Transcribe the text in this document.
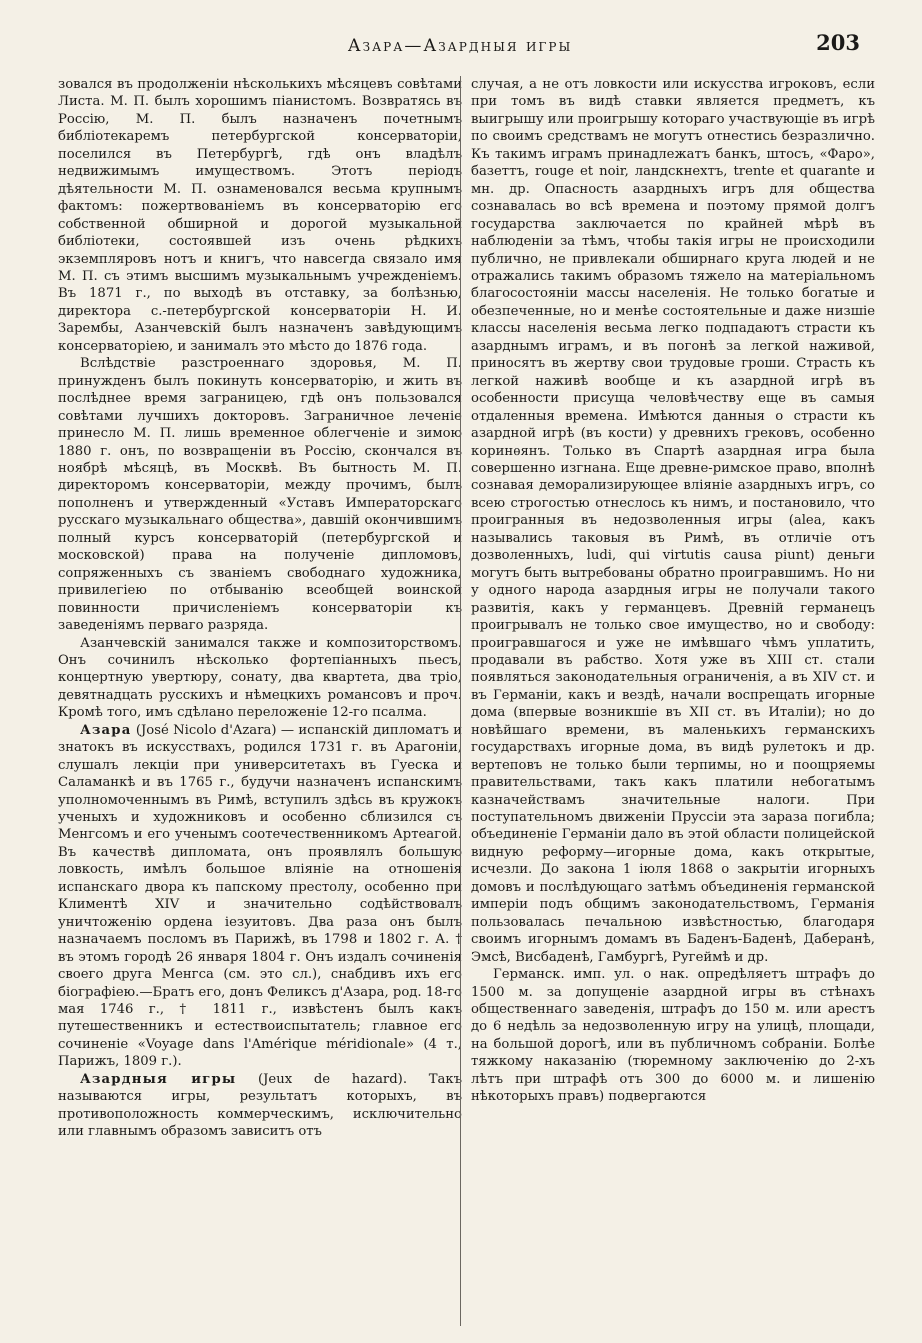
Азара—Азардныя игры	203

зовался въ продолженіи нѣсколькихъ мѣсяцевъ совѣтами Листа. М. П. былъ хорошимъ піанистомъ. Возвратясь въ Россію, М. П. былъ назначенъ почетнымъ библіотекаремъ петербургской консерваторіи, поселился въ Петербургѣ, гдѣ онъ владѣлъ недвижимымъ имуществомъ. Этотъ періодъ дѣятельности М. П. ознаменовался весьма крупнымъ фактомъ: пожертвованіемъ въ консерваторію его собственной обширной и дорогой музыкальной библіотеки, состоявшей изъ очень рѣдкихъ экземпляровъ нотъ и книгъ, что навсегда связало имя М. П. съ этимъ высшимъ музыкальнымъ учрежденіемъ. Въ 1871 г., по выходѣ въ отставку, за болѣзнью, директора с.-петербургской консерваторіи Н. И. Зарембы, Азанчевскій былъ назначенъ завѣдующимъ консерваторіею, и занималъ это мѣсто до 1876 года.

Вслѣдствіе разстроеннаго здоровья, М. П. принужденъ былъ покинуть консерваторію, и жить въ послѣднее время заграницею, гдѣ онъ пользовался совѣтами лучшихъ докторовъ. Заграничное леченіе принесло М. П. лишь временное облегченіе и зимою 1880 г. онъ, по возвращеніи въ Россію, скончался въ ноябрѣ мѣсяцѣ, въ Москвѣ. Въ бытность М. П. директоромъ консерваторіи, между прочимъ, былъ пополненъ и утвержденный «Уставъ Императорскаго русскаго музыкальнаго общества», давшій окончившимъ полный курсъ консерваторій (петербургской и московской) права на полученіе дипломовъ, сопряженныхъ съ званіемъ свободнаго художника, привилегіею по отбыванію всеобщей воинской повинности причисленіемъ консерваторіи къ заведеніямъ перваго разряда.

Азанчевскій занимался также и композиторствомъ. Онъ сочинилъ нѣсколько фортепіанныхъ пьесъ, концертную увертюру, сонату, два квартета, два тріо, девятнадцать русскихъ и нѣмецкихъ романсовъ и проч. Кромѣ того, имъ сдѣлано переложеніе 12-го псалма.

Азара (José Nicolo d'Azara) — испанскій дипломатъ и знатокъ въ искусствахъ, родился 1731 г. въ Арагоніи, слушалъ лекціи при университетахъ въ Гуеска и Саламанкѣ и въ 1765 г., будучи назначенъ испанскимъ уполномоченнымъ въ Римѣ, вступилъ здѣсь въ кружокъ ученыхъ и художниковъ и особенно сблизился съ Менгсомъ и его ученымъ соотечественникомъ Артеагой. Въ качествѣ дипломата, онъ проявлялъ большую ловкость, имѣлъ большое вліяніе на отношенія испанскаго двора къ папскому престолу, особенно при Климентѣ XIV и значительно содѣйствовалъ уничтоженію ордена іезуитовъ. Два раза онъ былъ назначаемъ посломъ въ Парижѣ, въ 1798 и 1802 г. А. † въ этомъ городѣ 26 января 1804 г. Онъ издалъ сочиненія своего друга Менгса (см. это сл.), снабдивъ ихъ его біографіею.—Братъ его, донъ Феликсъ д'Азара, род. 18-го мая 1746 г., † 1811 г., извѣстенъ былъ какъ путешественникъ и естествоиспытатель; главное его сочиненіе «Voyage dans l'Amérique méridionale» (4 т., Парижъ, 1809 г.).

Азардныя игры (Jeux de hazard). Такъ называются игры, результатъ которыхъ, въ противоположность коммерческимъ, исключительно или главнымъ образомъ зависитъ отъ

случая, а не отъ ловкости или искусства игроковъ, если при томъ въ видѣ ставки является предметъ, къ выигрышу или проигрышу котораго участвующіе въ игрѣ по своимъ средствамъ не могутъ отнестись безразлично. Къ такимъ играмъ принадлежатъ банкъ, штосъ, «Фаро», базеттъ, rouge et noir, ландскнехтъ, trente et quarante и мн. др. Опасность азардныхъ игръ для общества сознавалась во всѣ времена и поэтому прямой долгъ государства заключается по крайней мѣрѣ въ наблюденіи за тѣмъ, чтобы такія игры не происходили публично, не привлекали обширнаго круга людей и не отражались такимъ образомъ тяжело на матеріальномъ благосостояніи массы населенія. Не только богатые и обезпеченные, но и менѣе состоятельные и даже низшіе классы населенія весьма легко подпадаютъ страсти къ азарднымъ играмъ, и въ погонѣ за легкой наживой, приносятъ въ жертву свои трудовые гроши. Страсть къ легкой наживѣ вообще и къ азардной игрѣ въ особенности присуща человѣчеству еще въ самыя отдаленныя времена. Имѣются данныя о страсти къ азардной игрѣ (въ кости) у древнихъ грековъ, особенно коринѳянъ. Только въ Спартѣ азардная игра была совершенно изгнана. Еще древне-римское право, вполнѣ сознавая деморализирующее вліяніе азардныхъ игръ, со всею строгостью отнеслось къ нимъ, и постановило, что проигранныя въ недозволенныя игры (alea, какъ назывались таковыя въ Римѣ, въ отличіе отъ дозволенныхъ, ludi, qui virtutis causa piunt) деньги могутъ быть вытребованы обратно проигравшимъ. Но ни у одного народа азардныя игры не получали такого развитія, какъ у германцевъ. Древній германецъ проигрывалъ не только свое имущество, но и свободу: проигравшагося и уже не имѣвшаго чѣмъ уплатить, продавали въ рабство. Хотя уже въ XIII ст. стали появляться законодательныя ограниченія, а въ XIV ст. и въ Германіи, какъ и вездѣ, начали воспрещать игорные дома (впервые возникшіе въ XII ст. въ Италіи); но до новѣйшаго времени, въ маленькихъ германскихъ государствахъ игорные дома, въ видѣ рулетокъ и др. вертеповъ не только были терпимы, но и поощряемы правительствами, такъ какъ платили небогатымъ казначействамъ значительные налоги. При поступательномъ движеніи Пруссіи эта зараза погибла; объединеніе Германіи дало въ этой области полицейской видную реформу—игорные дома, какъ открытые, исчезли. До закона 1 іюля 1868 о закрытіи игорныхъ домовъ и послѣдующаго затѣмъ объединенія германской имперіи подъ общимъ законодательствомъ, Германія пользовалась печальною извѣстностью, благодаря своимъ игорнымъ домамъ въ Баденъ-Баденѣ, Даберанѣ, Эмсѣ, Висбаденѣ, Гамбургѣ, Ругеймѣ и др.

Германск. имп. ул. о нак. опредѣляетъ штрафъ до 1500 м. за допущеніе азардной игры въ стѣнахъ общественнаго заведенія, штрафъ до 150 м. или арестъ до 6 недѣль за недозволенную игру на улицѣ, площади, на большой дорогѣ, или въ публичномъ собраніи. Болѣе тяжкому наказанію (тюремному заключенію до 2-хъ лѣтъ при штрафѣ отъ 300 до 6000 м. и лишенію нѣкоторыхъ правъ) подвергаются
